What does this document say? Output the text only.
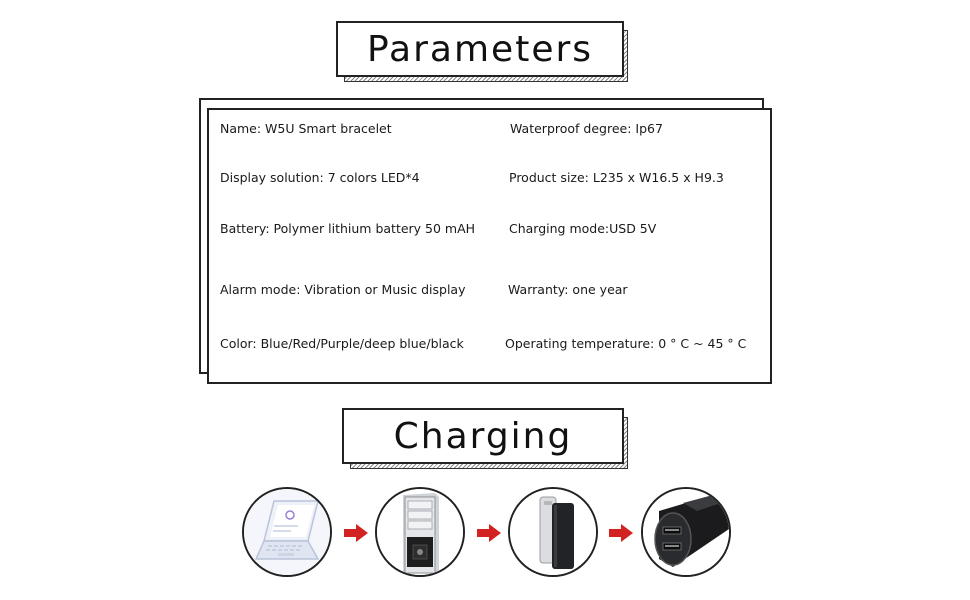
Parameters
Name: W5U Smart bracelet
Display solution: 7 colors LED*4
Battery: Polymer lithium battery 50 mAH
Alarm mode: Vibration or Music display
Color: Blue/Red/Purple/deep blue/black
Waterproof degree: Ip67
Product size: L235 x W16.5 x H9.3
Charging mode:USD 5V
Warranty: one year
Operating temperature: 0 ° C ~ 45 ° C
Charging
